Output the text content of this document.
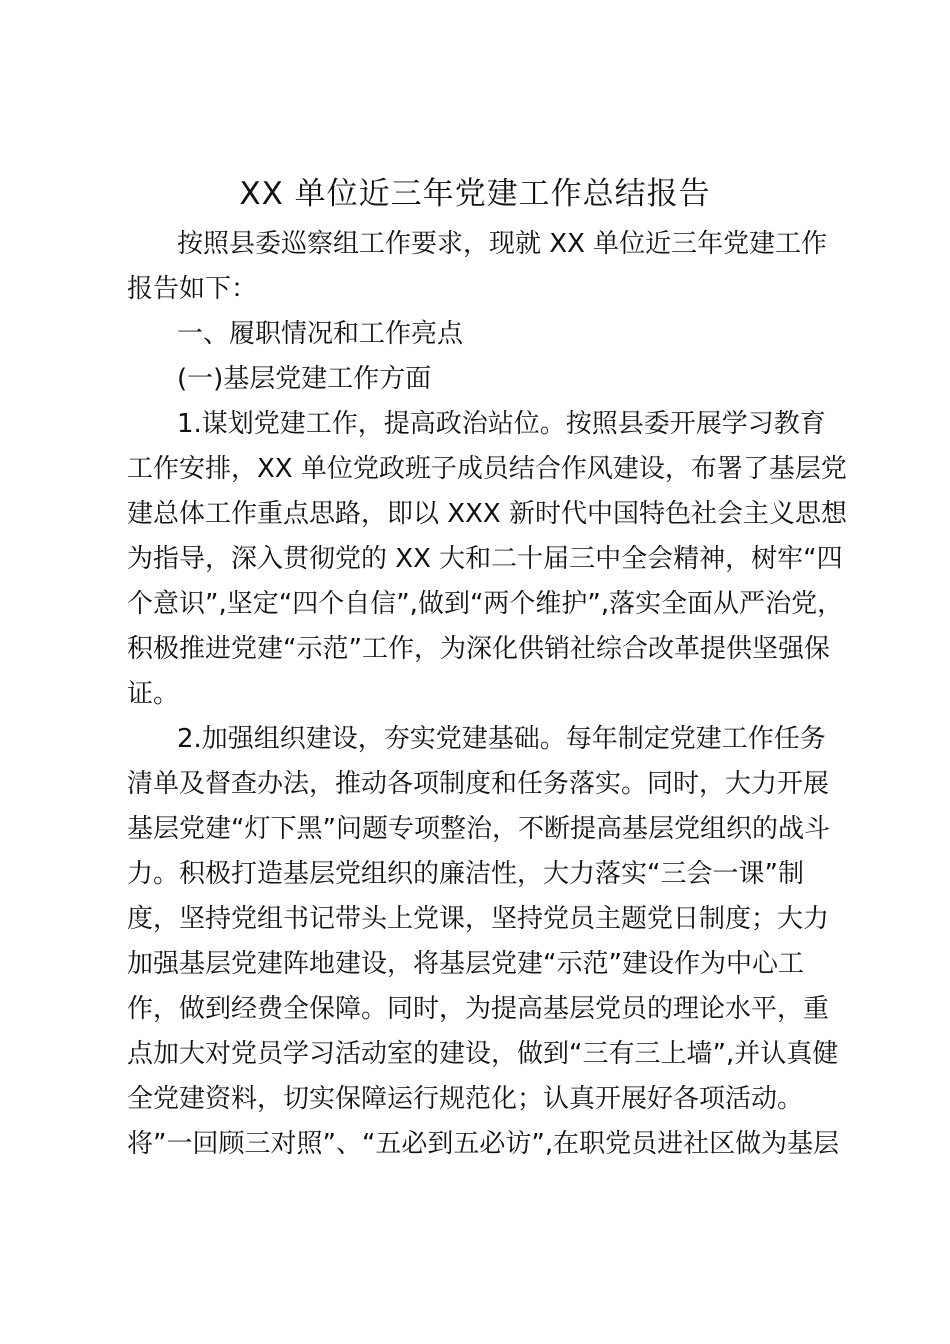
XX 单位近三年党建工作总结报告
按照县委巡察组工作要求，现就 XX 单位近三年党建工作
报告如下：
一、履职情况和工作亮点
(一)基层党建工作方面
1.谋划党建工作，提高政治站位。按照县委开展学习教育
工作安排，XX 单位党政班子成员结合作风建设，布署了基层党
建总体工作重点思路，即以 XXX 新时代中国特色社会主义思想
为指导，深入贯彻党的 XX 大和二十届三中全会精神，树牢“四
个意识”,坚定“四个自信”,做到“两个维护”,落实全面从严治党，
积极推进党建“示范”工作，为深化供销社综合改革提供坚强保
证。
2.加强组织建设，夯实党建基础。每年制定党建工作任务
清单及督查办法，推动各项制度和任务落实。同时，大力开展
基层党建“灯下黑”问题专项整治，不断提高基层党组织的战斗
力。积极打造基层党组织的廉洁性，大力落实“三会一课”制
度，坚持党组书记带头上党课，坚持党员主题党日制度；大力
加强基层党建阵地建设，将基层党建“示范”建设作为中心工
作，做到经费全保障。同时，为提高基层党员的理论水平，重
点加大对党员学习活动室的建设，做到“三有三上墙”,并认真健
全党建资料，切实保障运行规范化；认真开展好各项活动。
将”一回顾三对照”、“五必到五必访”,在职党员进社区做为基层
